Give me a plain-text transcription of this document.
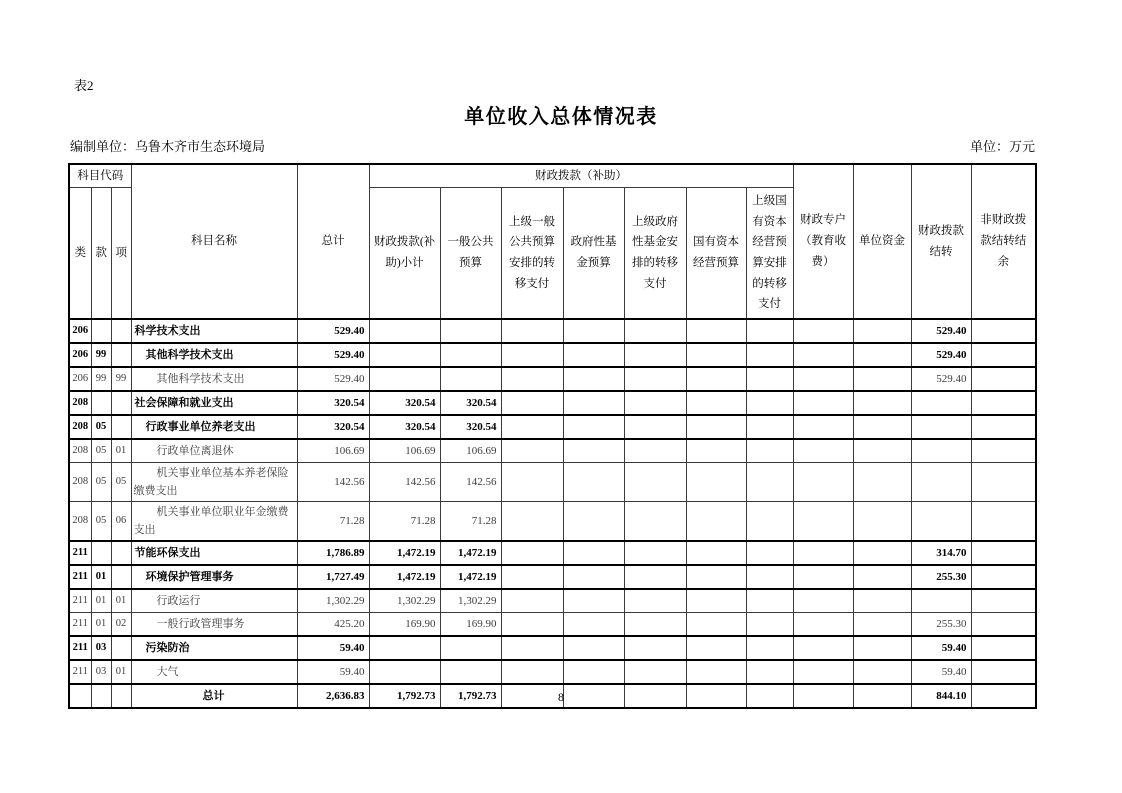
表2
单位收入总体情况表
编制单位：乌鲁木齐市生态环境局	单位：万元
科目代码			科目名称	总计	财政拨款（补助）							财政专户（教育收费）	单位资金	财政拨款结转	非财政拨款结转结余
类	款	项			财政拨款(补助)小计	一般公共预算	上级一般公共预算安排的转移支付	政府性基金预算	上级政府性基金安排的转移支付	国有资本经营预算	上级国有资本经营预算安排的转移支付				
206			科学技术支出	529.40										529.40	
206	99		其他科学技术支出	529.40										529.40	
206	99	99	其他科学技术支出	529.40										529.40	
208			社会保障和就业支出	320.54	320.54	320.54									
208	05		行政事业单位养老支出	320.54	320.54	320.54									
208	05	01	行政单位离退休	106.69	106.69	106.69									
208	05	05	机关事业单位基本养老保险缴费支出	142.56	142.56	142.56									
208	05	06	机关事业单位职业年金缴费支出	71.28	71.28	71.28									
211			节能环保支出	1,786.89	1,472.19	1,472.19								314.70	
211	01		环境保护管理事务	1,727.49	1,472.19	1,472.19								255.30	
211	01	01	行政运行	1,302.29	1,302.29	1,302.29									
211	01	02	一般行政管理事务	425.20	169.90	169.90								255.30	
211	03		污染防治	59.40										59.40	
211	03	01	大气	59.40										59.40	
			总计	2,636.83	1,792.73	1,792.73								844.10	
8
